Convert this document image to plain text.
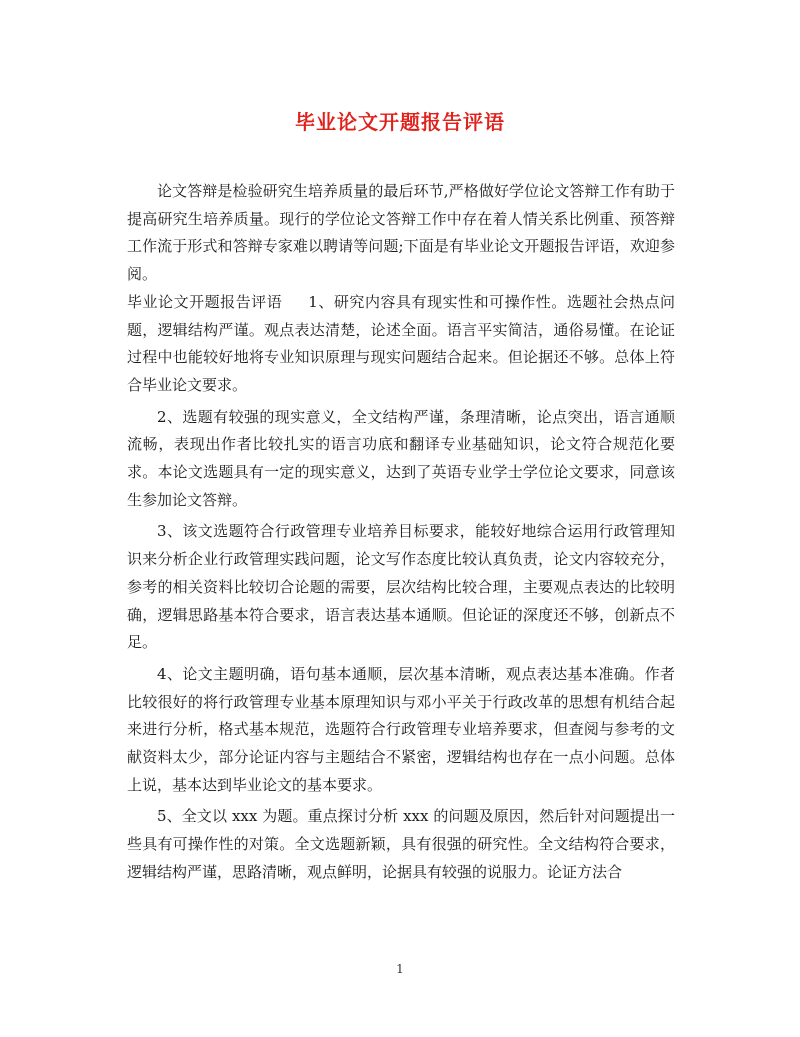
毕业论文开题报告评语

论文答辩是检验研究生培养质量的最后环节,严格做好学位论文答辩工作有助于提高研究生培养质量。现行的学位论文答辩工作中存在着人情关系比例重、预答辩工作流于形式和答辩专家难以聘请等问题;下面是有毕业论文开题报告评语，欢迎参阅。

毕业论文开题报告评语 1、研究内容具有现实性和可操作性。选题社会热点问题，逻辑结构严谨。观点表达清楚，论述全面。语言平实简洁，通俗易懂。在论证过程中也能较好地将专业知识原理与现实问题结合起来。但论据还不够。总体上符合毕业论文要求。

2、选题有较强的现实意义，全文结构严谨，条理清晰，论点突出，语言通顺流畅，表现出作者比较扎实的语言功底和翻译专业基础知识，论文符合规范化要求。本论文选题具有一定的现实意义，达到了英语专业学士学位论文要求，同意该生参加论文答辩。

3、该文选题符合行政管理专业培养目标要求，能较好地综合运用行政管理知识来分析企业行政管理实践问题，论文写作态度比较认真负责，论文内容较充分，参考的相关资料比较切合论题的需要，层次结构比较合理，主要观点表达的比较明确，逻辑思路基本符合要求，语言表达基本通顺。但论证的深度还不够，创新点不足。

4、论文主题明确，语句基本通顺，层次基本清晰，观点表达基本准确。作者比较很好的将行政管理专业基本原理知识与邓小平关于行政改革的思想有机结合起来进行分析，格式基本规范，选题符合行政管理专业培养要求，但查阅与参考的文献资料太少，部分论证内容与主题结合不紧密，逻辑结构也存在一点小问题。总体上说，基本达到毕业论文的基本要求。

5、全文以 xxx 为题。重点探讨分析 xxx 的问题及原因，然后针对问题提出一些具有可操作性的对策。全文选题新颖，具有很强的研究性。全文结构符合要求，逻辑结构严谨，思路清晰，观点鲜明，论据具有较强的说服力。论证方法合

1
